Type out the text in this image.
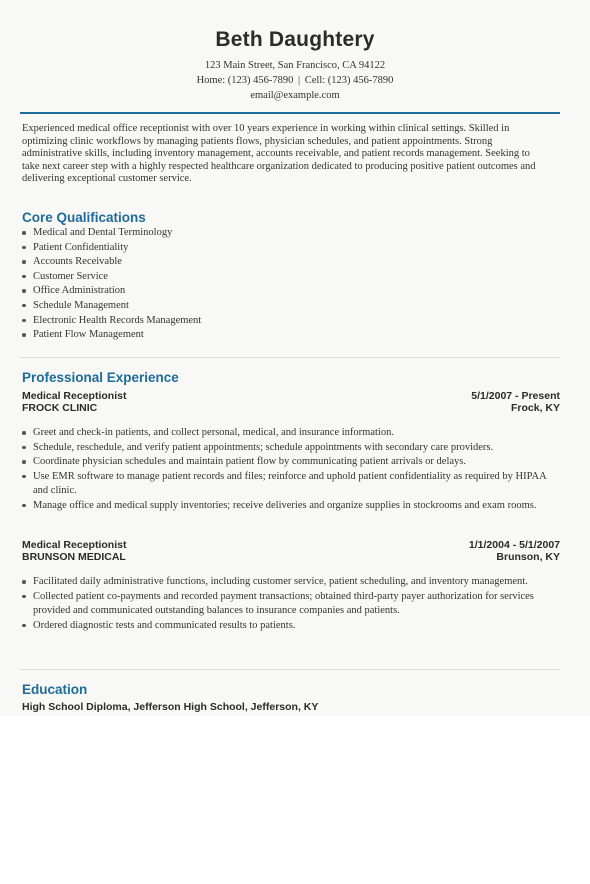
Beth Daughtery
123 Main Street, San Francisco, CA 94122
Home: (123) 456-7890 | Cell: (123) 456-7890
email@example.com
Experienced medical office receptionist with over 10 years experience in working within clinical settings. Skilled in optimizing clinic workflows by managing patients flows, physician schedules, and patient appointments. Strong administrative skills, including inventory management, accounts receivable, and patient records management. Seeking to take next career step with a highly respected healthcare organization dedicated to producing positive patient outcomes and delivering exceptional customer service.
Core Qualifications
Medical and Dental Terminology
Patient Confidentiality
Accounts Receivable
Customer Service
Office Administration
Schedule Management
Electronic Health Records Management
Patient Flow Management
Professional Experience
Medical Receptionist	5/1/2007 - Present
FROCK CLINIC	Frock, KY
Greet and check-in patients, and collect personal, medical, and insurance information.
Schedule, reschedule, and verify patient appointments; schedule appointments with secondary care providers.
Coordinate physician schedules and maintain patient flow by communicating patient arrivals or delays.
Use EMR software to manage patient records and files; reinforce and uphold patient confidentiality as required by HIPAA and clinic.
Manage office and medical supply inventories; receive deliveries and organize supplies in stockrooms and exam rooms.
Medical Receptionist	1/1/2004 - 5/1/2007
BRUNSON MEDICAL	Brunson, KY
Facilitated daily administrative functions, including customer service, patient scheduling, and inventory management.
Collected patient co-payments and recorded payment transactions; obtained third-party payer authorization for services provided and communicated outstanding balances to insurance companies and patients.
Ordered diagnostic tests and communicated results to patients.
Education
High School Diploma, Jefferson High School, Jefferson, KY
